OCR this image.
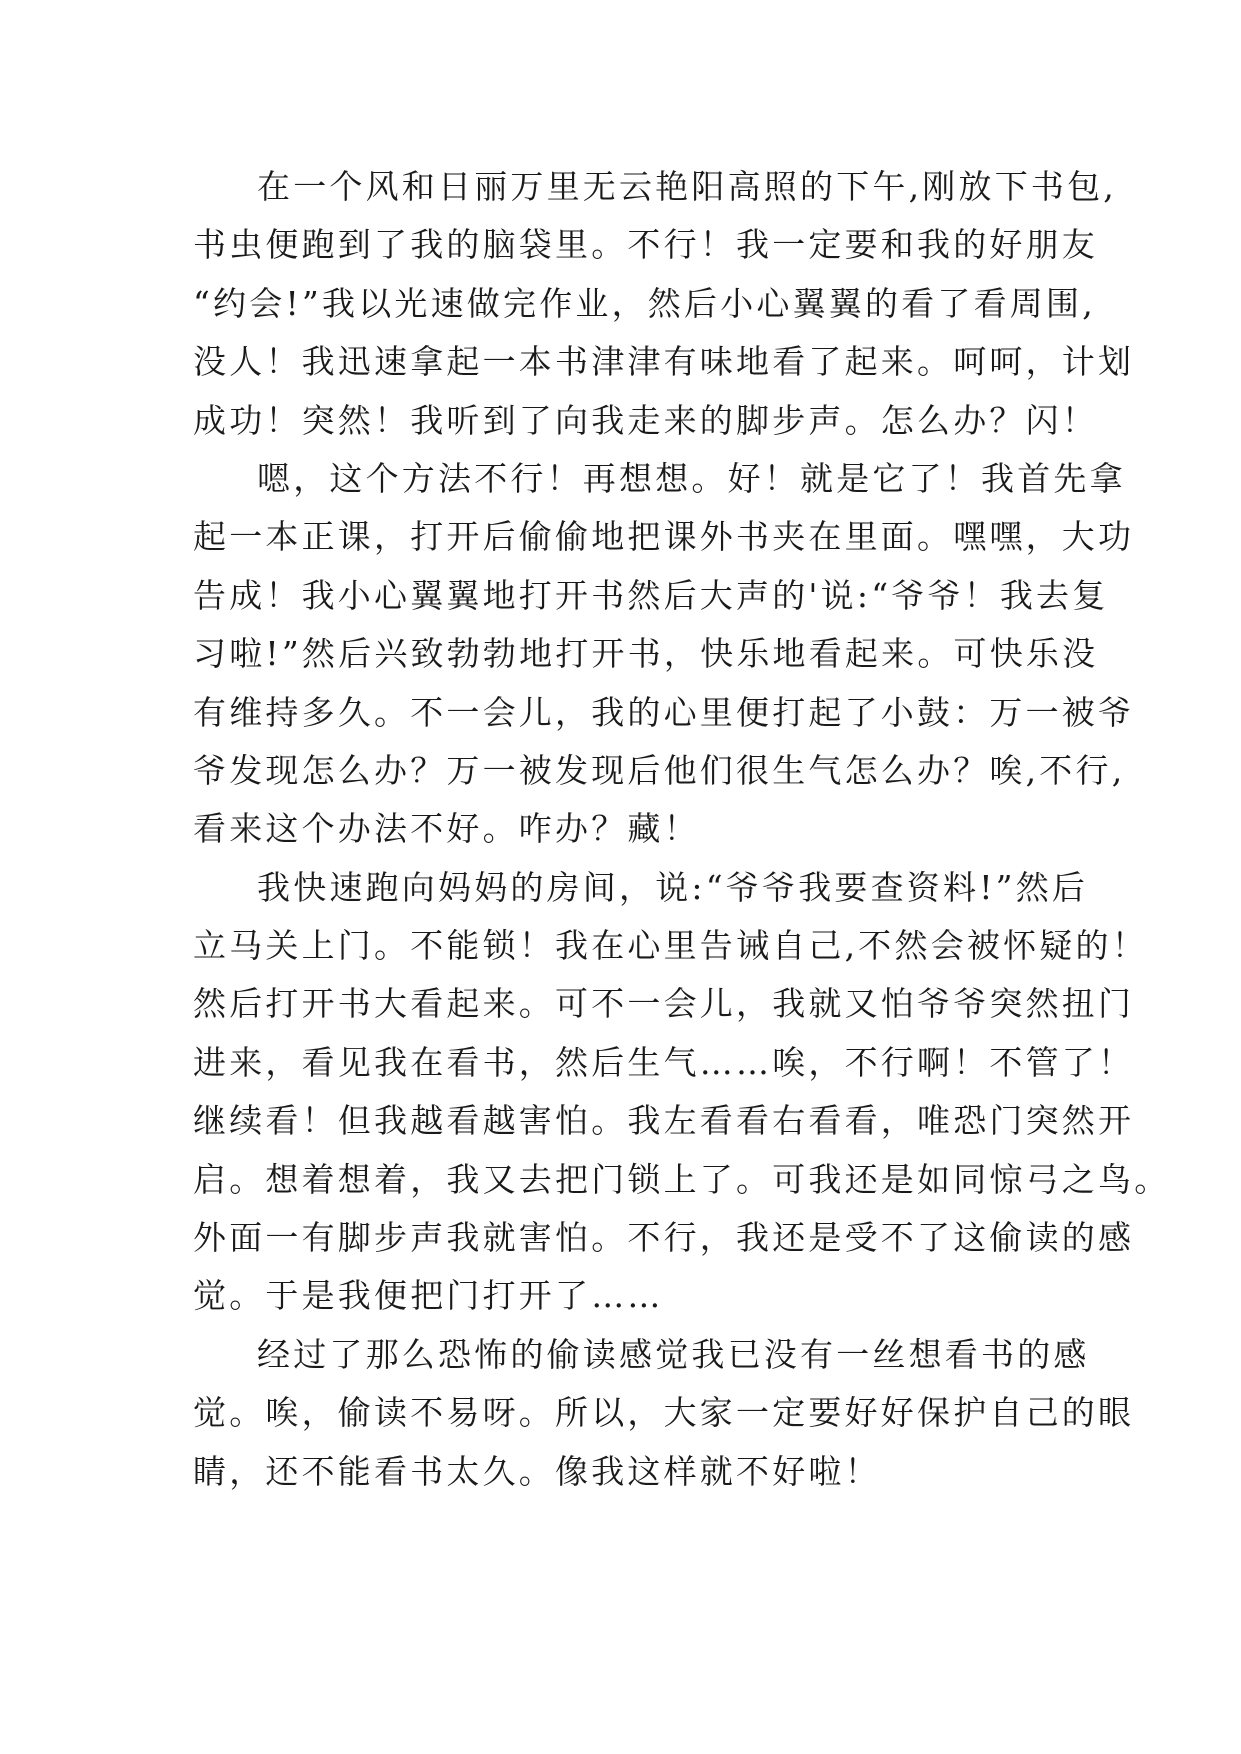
在一个风和日丽万里无云艳阳高照的下午,刚放下书包,
书虫便跑到了我的脑袋里。不行！我一定要和我的好朋友
“约会!”我以光速做完作业，然后小心翼翼的看了看周围,
没人！我迅速拿起一本书津津有味地看了起来。呵呵，计划
成功！突然！我听到了向我走来的脚步声。怎么办？闪！
嗯，这个方法不行！再想想。好！就是它了！我首先拿
起一本正课，打开后偷偷地把课外书夹在里面。嘿嘿，大功
告成！我小心翼翼地打开书然后大声的'说:“爷爷！我去复
习啦!”然后兴致勃勃地打开书，快乐地看起来。可快乐没
有维持多久。不一会儿，我的心里便打起了小鼓：万一被爷
爷发现怎么办？万一被发现后他们很生气怎么办？唉,不行,
看来这个办法不好。咋办？藏！
我快速跑向妈妈的房间，说:“爷爷我要查资料!”然后
立马关上门。不能锁！我在心里告诫自己,不然会被怀疑的！
然后打开书大看起来。可不一会儿，我就又怕爷爷突然扭门
进来，看见我在看书，然后生气……唉，不行啊！不管了！
继续看！但我越看越害怕。我左看看右看看，唯恐门突然开
启。想着想着，我又去把门锁上了。可我还是如同惊弓之鸟。
外面一有脚步声我就害怕。不行，我还是受不了这偷读的感
觉。于是我便把门打开了……
经过了那么恐怖的偷读感觉我已没有一丝想看书的感
觉。唉，偷读不易呀。所以，大家一定要好好保护自己的眼
睛，还不能看书太久。像我这样就不好啦！
